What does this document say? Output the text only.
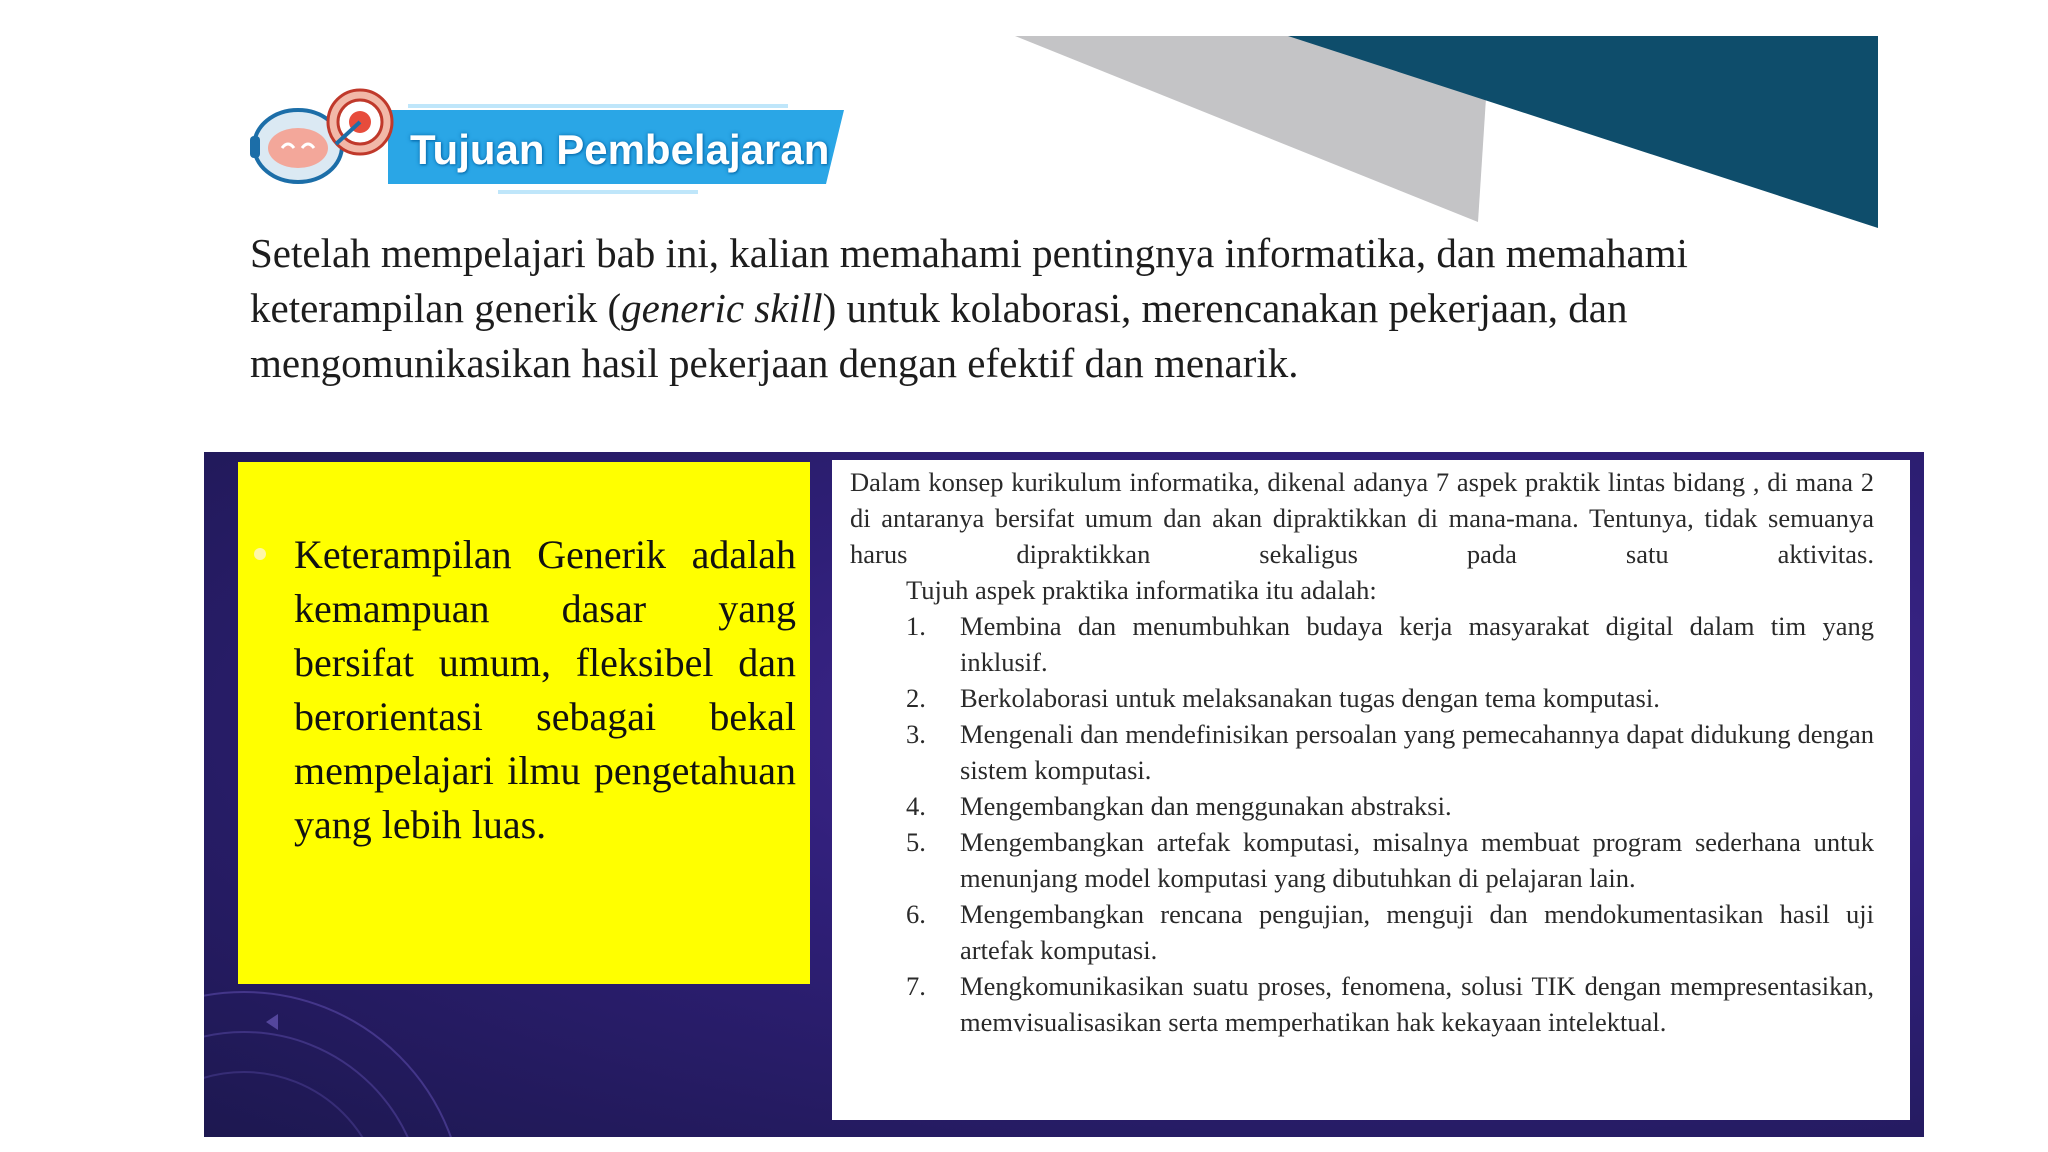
Tujuan Pembelajaran
Setelah mempelajari bab ini, kalian memahami pentingnya informatika, dan memahami keterampilan generik (generic skill) untuk kolaborasi, merencanakan pekerjaan, dan mengomunikasikan hasil pekerjaan dengan efektif dan menarik.
Keterampilan Generik adalah kemampuan dasar yang bersifat umum, fleksibel dan berorientasi sebagai bekal mempelajari ilmu pengetahuan yang lebih luas.

Dalam konsep kurikulum informatika, dikenal adanya 7 aspek praktik lintas bidang , di mana 2 di antaranya bersifat umum dan akan dipraktikkan di mana-mana. Tentunya, tidak semuanya harus dipraktikkan sekaligus pada satu aktivitas.

Tujuh aspek praktika informatika itu adalah:

1. Membina dan menumbuhkan budaya kerja masyarakat digital dalam tim yang inklusif.
2. Berkolaborasi untuk melaksanakan tugas dengan tema komputasi.
3. Mengenali dan mendefinisikan persoalan yang pemecahannya dapat didukung dengan sistem komputasi.
4. Mengembangkan dan menggunakan abstraksi.
5. Mengembangkan artefak komputasi, misalnya membuat program sederhana untuk menunjang model komputasi yang dibutuhkan di pelajaran lain.
6. Mengembangkan rencana pengujian, menguji dan mendokumentasikan hasil uji artefak komputasi.
7. Mengkomunikasikan suatu proses, fenomena, solusi TIK dengan mempresentasikan, memvisualisasikan serta memperhatikan hak kekayaan intelektual.
